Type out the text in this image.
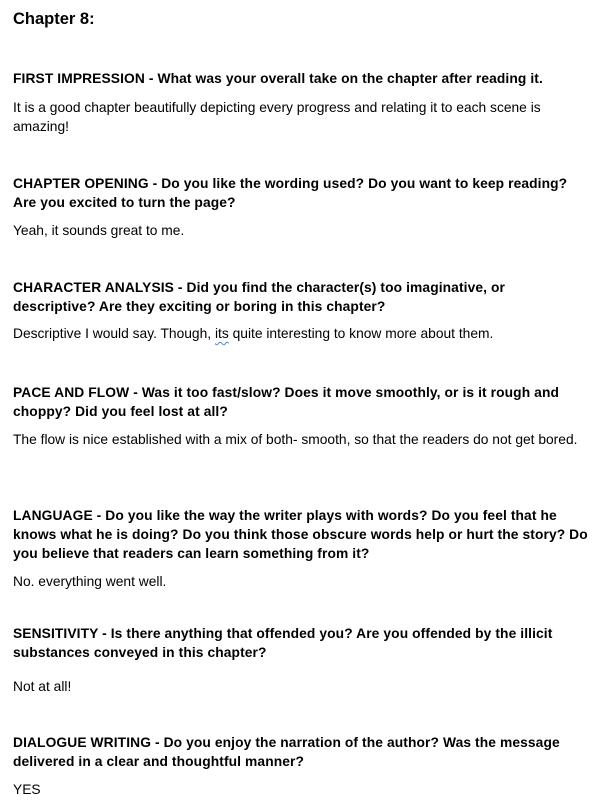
Chapter 8:

FIRST IMPRESSION - What was your overall take on the chapter after reading it.

It is a good chapter beautifully depicting every progress and relating it to each scene is amazing!

CHAPTER OPENING - Do you like the wording used? Do you want to keep reading? Are you excited to turn the page?

Yeah, it sounds great to me.

CHARACTER ANALYSIS - Did you find the character(s) too imaginative, or descriptive? Are they exciting or boring in this chapter?

Descriptive I would say. Though, its quite interesting to know more about them.

PACE AND FLOW - Was it too fast/slow? Does it move smoothly, or is it rough and choppy? Did you feel lost at all?

The flow is nice established with a mix of both- smooth, so that the readers do not get bored.

LANGUAGE - Do you like the way the writer plays with words? Do you feel that he knows what he is doing? Do you think those obscure words help or hurt the story? Do you believe that readers can learn something from it?

No. everything went well.

SENSITIVITY - Is there anything that offended you? Are you offended by the illicit substances conveyed in this chapter?

Not at all!

DIALOGUE WRITING - Do you enjoy the narration of the author? Was the message delivered in a clear and thoughtful manner?

YES
